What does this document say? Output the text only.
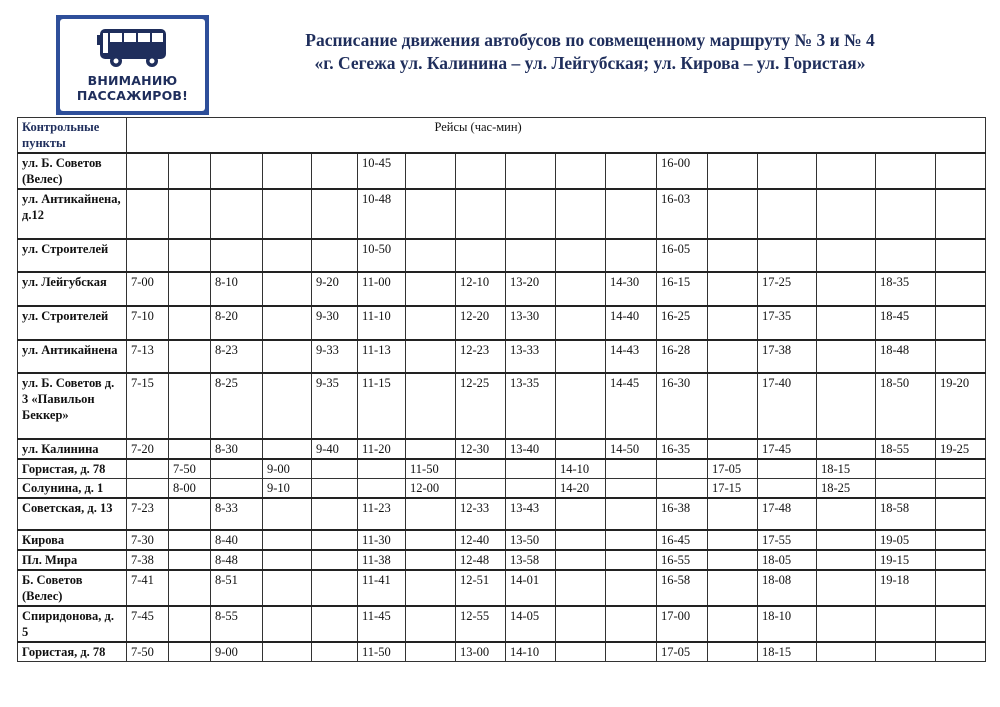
ВНИМАНИЮ
ПАССАЖИРОВ!
Расписание движения автобусов по совмещенному маршруту № 3 и № 4
«г. Сегежа ул. Калинина – ул. Лейгубская; ул. Кирова – ул. Гористая»
Контрольные пункты	Рейсы (час-мин)																
ул. Б. Советов (Велес)						10-45						16-00					
ул. Антикайнена, д.12						10-48						16-03					
ул. Строителей						10-50						16-05					
ул. Лейгубская	7-00		8-10		9-20	11-00		12-10	13-20		14-30	16-15		17-25		18-35	
ул. Строителей	7-10		8-20		9-30	11-10		12-20	13-30		14-40	16-25		17-35		18-45	
ул. Антикайнена	7-13		8-23		9-33	11-13		12-23	13-33		14-43	16-28		17-38		18-48	
ул. Б. Советов д. 3 «Павильон Беккер»	7-15		8-25		9-35	11-15		12-25	13-35		14-45	16-30		17-40		18-50	19-20
ул. Калинина	7-20		8-30		9-40	11-20		12-30	13-40		14-50	16-35		17-45		18-55	19-25
Гористая, д. 78		7-50		9-00			11-50			14-10			17-05		18-15		
Солунина, д. 1		8-00		9-10			12-00			14-20			17-15		18-25		
Советская, д. 13	7-23		8-33			11-23		12-33	13-43			16-38		17-48		18-58	
Кирова	7-30		8-40			11-30		12-40	13-50			16-45		17-55		19-05	
Пл. Мира	7-38		8-48			11-38		12-48	13-58			16-55		18-05		19-15	
Б. Советов (Велес)	7-41		8-51			11-41		12-51	14-01			16-58		18-08		19-18	
Спиридонова, д. 5	7-45		8-55			11-45		12-55	14-05			17-00		18-10			
Гористая, д. 78	7-50		9-00			11-50		13-00	14-10			17-05		18-15			
